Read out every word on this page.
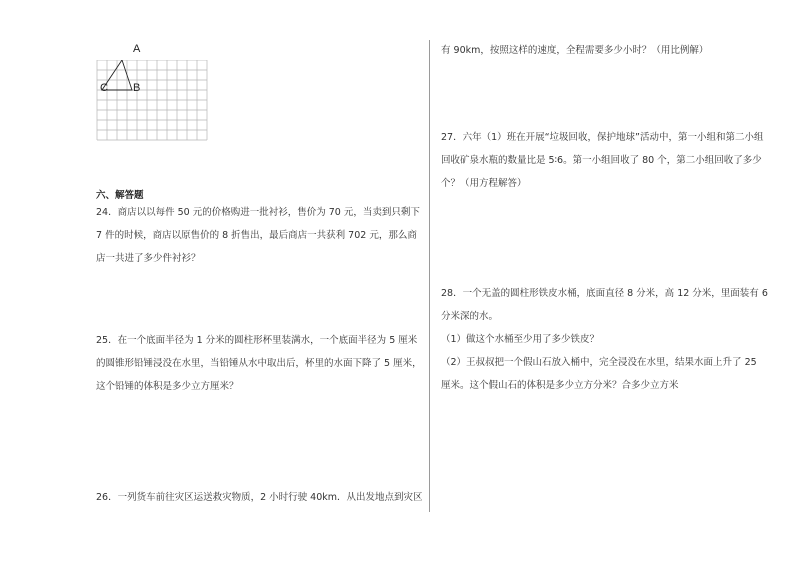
A
C B
六、解答题
24．商店以以每件 50 元的价格购进一批衬衫，售价为 70 元，当卖到只剩下
7 件的时候，商店以原售价的 8 折售出，最后商店一共获利 702 元，那么商
店一共进了多少件衬衫？
25．在一个底面半径为 1 分米的圆柱形杯里装满水，一个底面半径为 5 厘米
的圆锥形铅锤浸没在水里，当铅锤从水中取出后，杯里的水面下降了 5 厘米，
这个铅锤的体积是多少立方厘米？
26．一列货车前往灾区运送救灾物质，2 小时行驶 40km．从出发地点到灾区
有 90km，按照这样的速度，全程需要多少小时？（用比例解）
27．六年（1）班在开展“垃圾回收，保护地球”活动中，第一小组和第二小组
回收矿泉水瓶的数量比是 5∶6。第一小组回收了 80 个，第二小组回收了多少
个？（用方程解答）
28．一个无盖的圆柱形铁皮水桶，底面直径 8 分米，高 12 分米，里面装有 6
分米深的水。
（1）做这个水桶至少用了多少铁皮？
（2）王叔叔把一个假山石放入桶中，完全浸没在水里，结果水面上升了 25
厘米。这个假山石的体积是多少立方分米？合多少立方米
